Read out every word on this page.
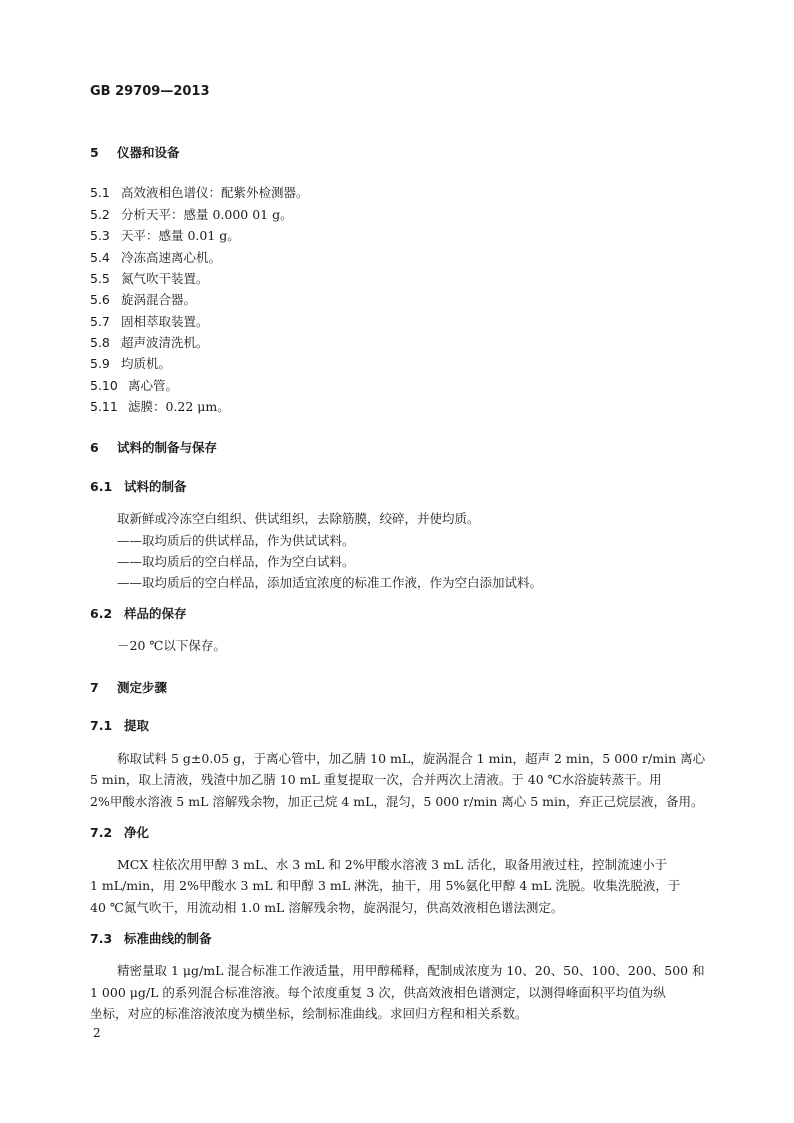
GB 29709—2013
5 仪器和设备
5.1 高效液相色谱仪：配紫外检测器。
5.2 分析天平：感量 0.000 01 g。
5.3 天平：感量 0.01 g。
5.4 冷冻高速离心机。
5.5 氮气吹干装置。
5.6 旋涡混合器。
5.7 固相萃取装置。
5.8 超声波清洗机。
5.9 均质机。
5.10 离心管。
5.11 滤膜：0.22 μm。
6 试料的制备与保存
6.1 试料的制备
取新鲜或冷冻空白组织、供试组织，去除筋膜，绞碎，并使均质。
——取均质后的供试样品，作为供试试料。
——取均质后的空白样品，作为空白试料。
——取均质后的空白样品，添加适宜浓度的标准工作液，作为空白添加试料。
6.2 样品的保存
－20 ℃以下保存。
7 测定步骤
7.1 提取
称取试料 5 g±0.05 g，于离心管中，加乙腈 10 mL，旋涡混合 1 min，超声 2 min，5 000 r/min 离心
5 min，取上清液，残渣中加乙腈 10 mL 重复提取一次，合并两次上清液。于 40 ℃水浴旋转蒸干。用
2%甲酸水溶液 5 mL 溶解残余物，加正己烷 4 mL，混匀，5 000 r/min 离心 5 min，弃正己烷层液，备用。
7.2 净化
MCX 柱依次用甲醇 3 mL、水 3 mL 和 2%甲酸水溶液 3 mL 活化，取备用液过柱，控制流速小于
1 mL/min，用 2%甲酸水 3 mL 和甲醇 3 mL 淋洗，抽干，用 5%氨化甲醇 4 mL 洗脱。收集洗脱液，于
40 ℃氮气吹干，用流动相 1.0 mL 溶解残余物，旋涡混匀，供高效液相色谱法测定。
7.3 标准曲线的制备
精密量取 1 μg/mL 混合标准工作液适量，用甲醇稀释，配制成浓度为 10、20、50、100、200、500 和
1 000 μg/L 的系列混合标准溶液。每个浓度重复 3 次，供高效液相色谱测定，以测得峰面积平均值为纵
坐标，对应的标准溶液浓度为横坐标，绘制标准曲线。求回归方程和相关系数。
2
